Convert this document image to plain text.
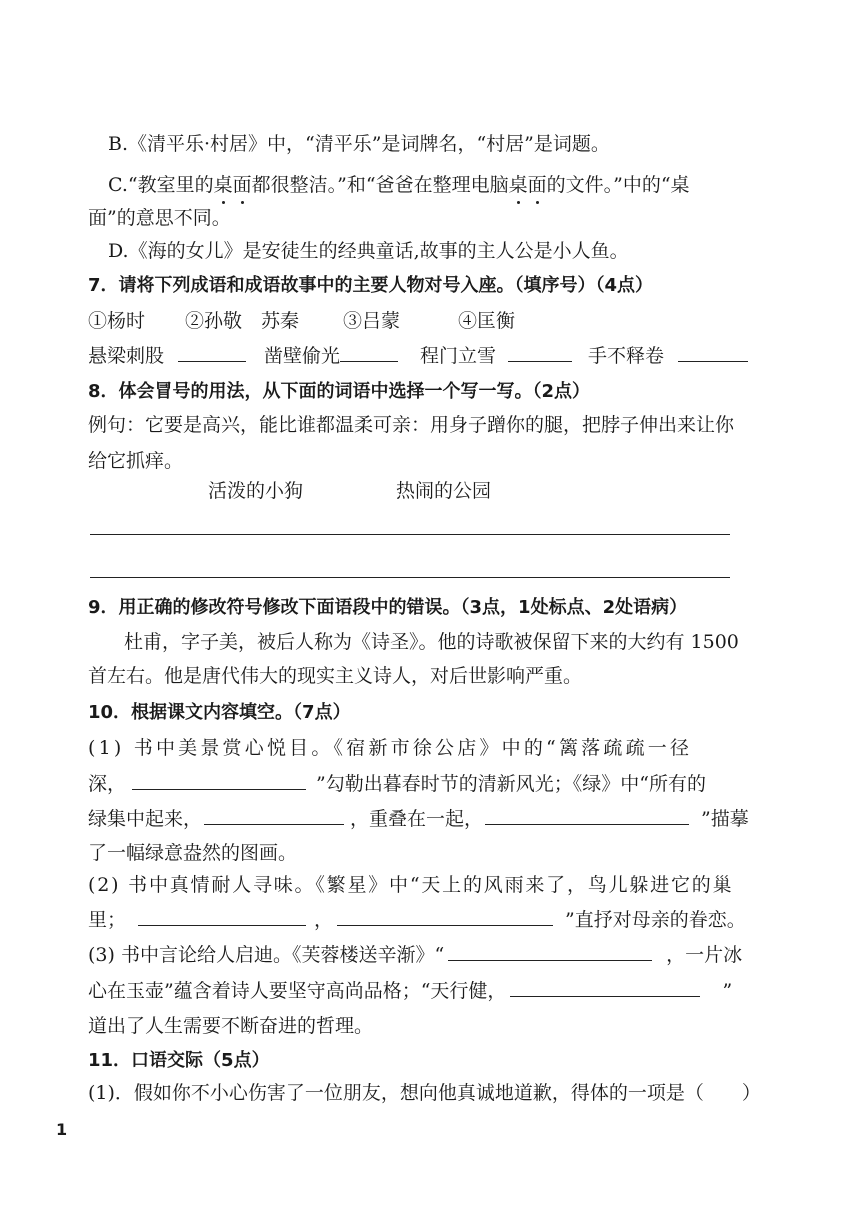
B.《清平乐·村居》中，“清平乐”是词牌名，“村居”是词题。
C.“教室里的桌面都很整洁。”和“爸爸在整理电脑桌面的文件。”中的“桌
面”的意思不同。
D.《海的女儿》是安徒生的经典童话,故事的主人公是小人鱼。
7．请将下列成语和成语故事中的主要人物对号入座。（填序号）（4点）
①杨时 ②孙敬　苏秦 ③吕蒙	④匡衡
悬梁刺股	凿壁偷光	程门立雪	手不释卷
8．体会冒号的用法，从下面的词语中选择一个写一写。（2点）
例句：它要是高兴，能比谁都温柔可亲：用身子蹭你的腿，把脖子伸出来让你
给它抓痒。
活泼的小狗	热闹的公园
9．用正确的修改符号修改下面语段中的错误。（3点，1处标点、2处语病）
杜甫，字子美，被后人称为《诗圣》。他的诗歌被保留下来的大约有 1500
首左右。他是唐代伟大的现实主义诗人，对后世影响严重。
10．根据课文内容填空。（7点）
(1) 书中美景赏心悦目。《宿新市徐公店》中的“篱落疏疏一径
深，	”勾勒出暮春时节的清新风光；《绿》中“所有的
绿集中起来，	，重叠在一起，	”描摹
了一幅绿意盎然的图画。
(2) 书中真情耐人寻味。《繁星》中“天上的风雨来了，鸟儿躲进它的巢
里；	，	”直抒对母亲的眷恋。
(3) 书中言论给人启迪。《芙蓉楼送辛渐》“	，一片冰
心在玉壶”蕴含着诗人要坚守高尚品格；“天行健，	”
道出了人生需要不断奋进的哲理。
11．口语交际（5点）
(1)．假如你不小心伤害了一位朋友，想向他真诚地道歉，得体的一项是（　　）
1
